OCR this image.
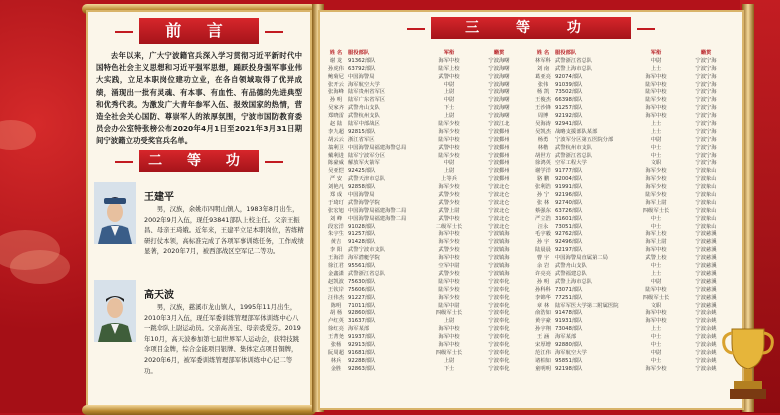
前 言

去年以来，广大宁波籍官兵深入学习贯彻习近平新时代中国特色社会主义思想和习近平强军思想，踊跃投身强军事业伟大实践，立足本职岗位建功立业，在各自领域取得了优异成绩，涌现出一批有灵魂、有本事、有血性、有品德的先进典型和优秀代表。为激发广大青年参军入伍、报效国家的热情，营造全社会关心国防、尊崇军人的浓厚氛围，宁波市国防教育委员会办公室特张榜公布2020年4月1日至2021年3月31日期间宁波籍立功受奖官兵名单。

二 等 功
王建平

男，汉族，余姚市四明山镇人，1983年8月出生，2002年9月入伍，现任93841部队上校主任。父亲王振昌、母亲王琦娥。近年来，王建平立足本职岗位，苦练精研打仗本领，高标准完成了各项军事训练任务，工作成绩显著，2020年7月，被西部战区空军记二等功。

高天波

男，汉族，慈溪市龙山镇人，1995年11月出生，2010年3月入伍，现任军委训练管理部军体训练中心八一跳伞队上尉运动员。父亲高善宝、母亲裘爱芬。2019年10月，高天波参加第七届世界军人运动会，获特技跳伞项目金牌，综合金能项目银牌、集体定点项目铜牌，2020年6月，被军委训练管理部军体训练中心记二等功。

三 等 功
姓 名	服役部队	军衔	籍贯
谢 龙	91362部队	海军中校	宁波海曙
孙虎伟 63792部队	陆军上校	宁波海曙
鲍菊尼 中国海警局	武警中校	宁波海曙
张开云 海军航空大学	中尉	宁波海曙
张海峰 陆军贵州省军区	上尉	宁波海曙
孙 明	陆军广东省军区	中尉	宁波海曙
吴家齐 武警舟山支队	下士	宁波海曙
郑晓雷 武警杭州支队	上尉	宁波海曙
赵 陆	陆军中部战区	陆军少校	宁波江北
李九超 92815部队	海军少校	宁波鄞州
胡云云 浙江省军区	陆军中校	宁波鄞州
翁利卫 中国海警局福建海警总局	武警中校	宁波鄞州
戴利进 陆军宁波军分区	陆军少校	宁波鄞州
陈豪威 解放军火箭军	中尉	宁波鄞州
吴亚恺 92425部队	上尉	宁波鄞州
严 安	武警天津市总队	上等兵	宁波鄞州
刘艳凡 92858部队	海军少校	宁波北仑
郑 成	中国海警局	武警少校	宁波北仑
于琦玎 武警海警学院	武警少校	宁波北仑
张宏旭 中国海警局福建海警二局	武警上尉	宁波北仑
刘 峰	中国海警局福建海警二局	武警中校	宁波北仑
段宏洋 91028部队	二级军士长	宁波北仑
朱宇生 91257部队	海军中校	宁波镇海
黄吉	91428部队	海军少校	宁波镇海
李 阳	武警宁波市支队	武警少校	宁波镇海
王海洋 海军潜艇学院	海军中校	宁波镇海
徐江君 95561部队	空军中尉	宁波镇海
金鑫潇 武警浙江省总队	武警少校	宁波镇海
赵凯波 75630部队	陆军中校	宁波奉化
王钦岸 75606部队	陆军少校	宁波奉化
汪伟杰 91227部队	海军少校	宁波奉化
陈明	71011部队	陆军中尉	宁波奉化
胡 杨	92860部队	四级军士长	宁波奉化
卢红英 31637部队	上尉	宁波奉化
徐红亮 海军某部	海军中校	宁波奉化
王菁尧 91937部队	海军中校	宁波奉化
张杨	92913部队	海军中校	宁波奉化
阮周超 91681部队	四级军士长	宁波奉化
林兵	92288部队	上尉	宁波奉化
金胜	92863部队	下士	宁波奉化
姓 名	服役部队	军衔	籍贯
林军科 武警浙江省总队	中尉	宁波宁海
刘 南	武警上海市总队	上士	宁波宁海
葛亚亮 92074部队	海军中校	宁波宁海
张伟	91039部队	陆军中校	宁波宁海
杨 凯	73502部队	陆军中校	宁波宁海
王俊杰 66398部队	陆军少校	宁波宁海
王沙锋 91257部队	海军中校	宁波宁海
周博	92192部队	海军中校	宁波宁海
吴海涛 92941部队	上士	宁波宁海
吴凯杰 战略支援部队某部	上士	宁波宁海
杨勇	宁波军分区第五医院分部	中尉	宁波宁海
林楷	武警杭州市支队	中士	宁波宁海
胡世方 武警浙江省总队	中士	宁波宁海
徐鸿英 空军工程大学	文职	宁波宁海
谢学洋 91777部队	海军少校	宁波象山
骆 鹏	92004部队	海军少校	宁波象山
张利浩 91991部队	海军少校	宁波象山
孙 宁	92196部队	陆军少校	宁波象山
张 林	92740部队	海军上尉	宁波象山
蔡强东 63726部队	四级军士长	宁波象山
严立浩 31601部队	中士	宁波象山
汪永	73051部队	中士	宁波象山
毛宇毅 92762部队	海军上校	宁波慈溪
孙 宇	92496部队	海军上尉	宁波慈溪
陆晨晨 92197部队	海军中校	宁波慈溪
曹 宇	中国海警局直属第二局	武警上校	宁波慈溪
余 岩	武警舟山支队	中士	宁波慈溪
许亮亮 武警福建总队	上士	宁波慈溪
孙 明	武警上海市总队	中尉	宁波慈溪
孙科科 73071部队	陆军中校	宁波慈溪
李锦华 77251部队	四级军士长	宁波慈溪
章 林	陆军军医大学第二附属医院	文职	宁波慈溪
俞浩如 91478部队	海军中校	宁波余姚
黄宇豪 91931部队	海军中校	宁波余姚
孙宇翔 73048部队	上士	宁波余姚
王 涵	海军某部	中士	宁波余姚
宋厚增 92880部队	中士	宁波余姚
范江伟 海军航空大学	中尉	宁波余姚
诸柏如 95851部队	中士	宁波余姚
童明明 92198部队	海军少校	宁波余姚
